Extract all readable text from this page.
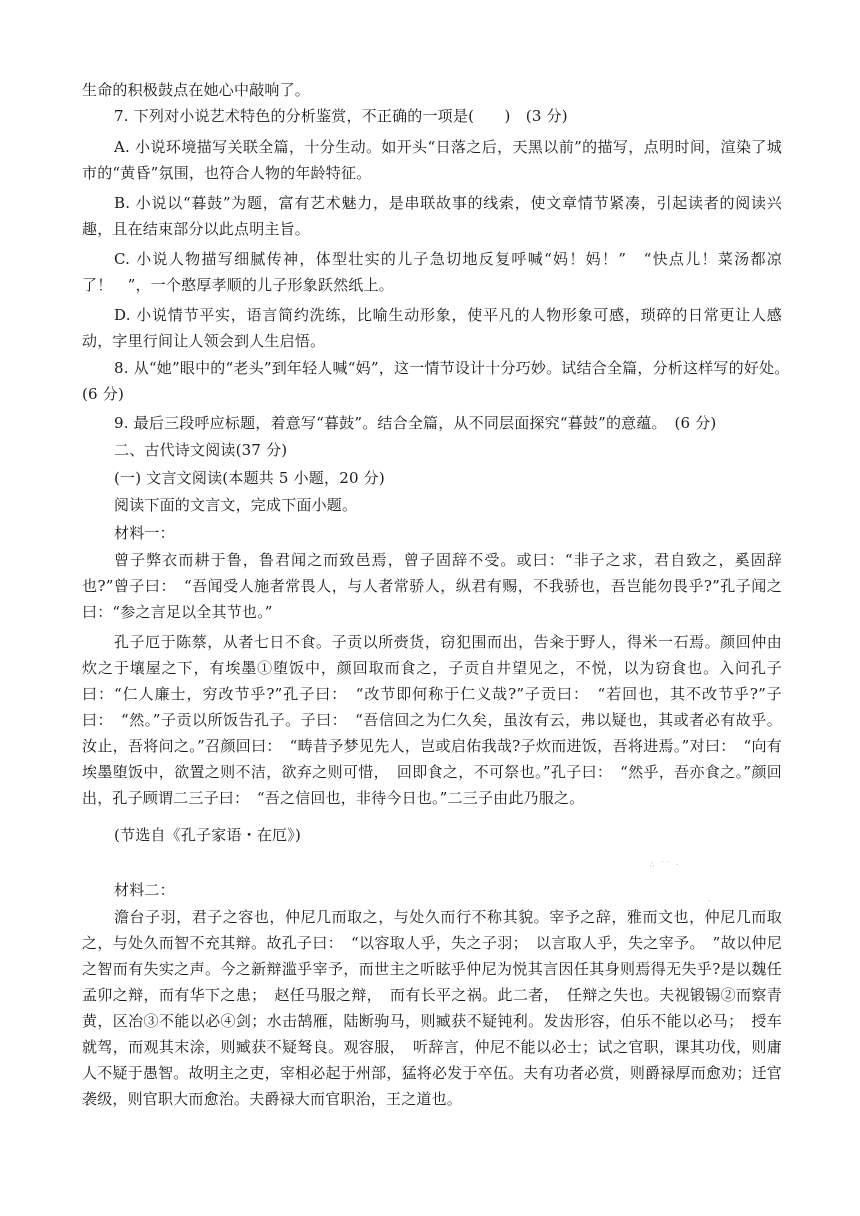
生命的积极鼓点在她心中敲响了。

7. 下列对小说艺术特色的分析鉴赏，不正确的一项是(　　)　(3 分)

A. 小说环境描写关联全篇，十分生动。如开头“日落之后，天黑以前”的描写，点明时间，渲染了城市的“黄昏”氛围，也符合人物的年龄特征。

B. 小说以“暮鼓”为题，富有艺术魅力，是串联故事的线索，使文章情节紧凑，引起读者的阅读兴趣，且在结束部分以此点明主旨。

C. 小说人物描写细腻传神，体型壮实的儿子急切地反复呼喊“妈！妈！”　“快点儿！菜汤都凉了！　”，一个憨厚孝顺的儿子形象跃然纸上。

D. 小说情节平实，语言简约洗练，比喻生动形象，使平凡的人物形象可感，琐碎的日常更让人感动，字里行间让人领会到人生启悟。

8. 从“她”眼中的“老头”到年轻人喊“妈”，这一情节设计十分巧妙。试结合全篇，分析这样写的好处。　(6 分)

9. 最后三段呼应标题，着意写“暮鼓”。结合全篇，从不同层面探究“暮鼓”的意蕴。　(6 分)

二、古代诗文阅读(37 分)

(一) 文言文阅读(本题共 5 小题，20 分)

阅读下面的文言文，完成下面小题。

材料一：

曾子弊衣而耕于鲁，鲁君闻之而致邑焉，曾子固辞不受。或曰：“非子之求，君自致之，奚固辞也?”曾子曰：　“吾闻受人施者常畏人，与人者常骄人，纵君有赐，不我骄也，吾岂能勿畏乎?”孔子闻之曰：“参之言足以全其节也。”

孔子厄于陈蔡，从者七日不食。子贡以所赍货，窃犯围而出，告籴于野人，得米一石焉。颜回仲由炊之于壤屋之下，有埃墨①堕饭中，颜回取而食之，子贡自井望见之，不悦，以为窃食也。入问孔子曰：“仁人廉士，穷改节乎?”孔子曰：　“改节即何称于仁义哉?”子贡曰：　“若回也，其不改节乎?”子曰：　“然。”子贡以所饭告孔子。子曰：　“吾信回之为仁久矣，虽汝有云，弗以疑也，其或者必有故乎。汝止，吾将问之。”召颜回曰：　“畴昔予梦见先人，岂或启佑我哉?子炊而进饭，吾将进焉。”对曰：　“向有埃墨堕饭中，欲置之则不洁，欲弃之则可惜，　回即食之，不可祭也。”孔子曰：　“然乎，吾亦食之。”颜回出，孔子顾谓二三子曰：　“吾之信回也，非待今日也。”二三子由此乃服之。

(节选自《孔子家语・在厄》)

∴ ˙˙ ·
ˋ

材料二：

澹台子羽，君子之容也，仲尼几而取之，与处久而行不称其貌。宰予之辞，雅而文也，仲尼几而取之，与处久而智不充其辩。故孔子曰：　“以容取人乎，失之子羽；　以言取人乎，失之宰予。　”故以仲尼之智而有失实之声。今之新辩滥乎宰予，而世主之听眩乎仲尼为悦其言因任其身则焉得无失乎?是以魏任孟卯之辩，而有华下之患；　赵任马服之辩，　而有长平之祸。此二者，　任辩之失也。夫视锻锡②而察青黄，区冶③不能以必④剑；水击鹄雁，陆断驹马，则臧获不疑钝利。发齿形容，伯乐不能以必马；　授车就驾，而观其末涂，则臧获不疑驽良。观容服，　听辞言，仲尼不能以必士；试之官职，课其功伐，则庸人不疑于愚智。故明主之吏，宰相必起于州部，猛将必发于卒伍。夫有功者必赏，则爵禄厚而愈劝；迁官袭级，则官职大而愈治。夫爵禄大而官职治，王之道也。
